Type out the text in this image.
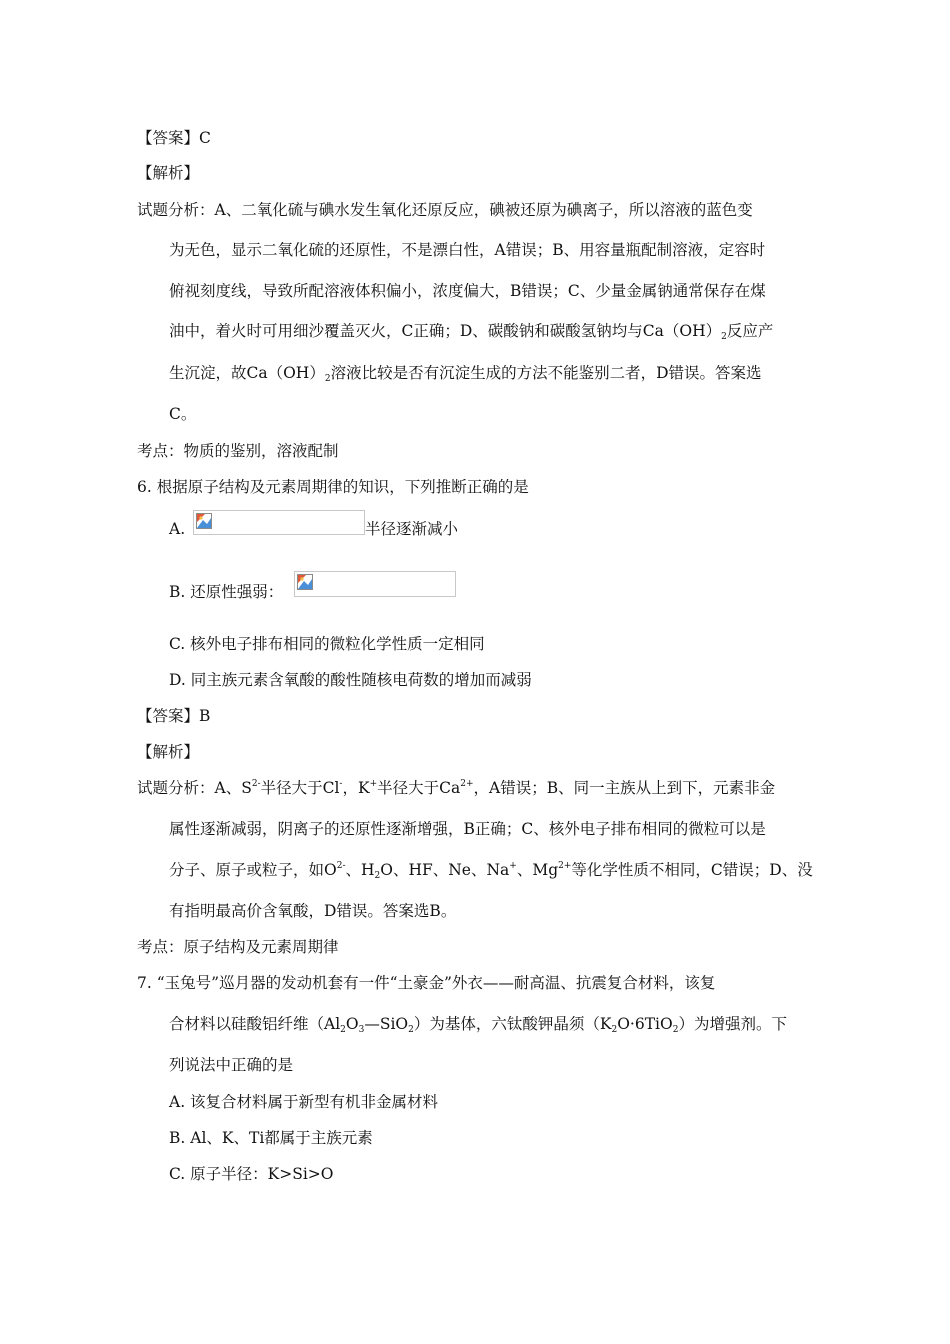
【答案】C
【解析】
试题分析：A、二氧化硫与碘水发生氧化还原反应，碘被还原为碘离子，所以溶液的蓝色变
为无色，显示二氧化硫的还原性，不是漂白性，A错误；B、用容量瓶配制溶液，定容时
俯视刻度线，导致所配溶液体积偏小，浓度偏大，B错误；C、少量金属钠通常保存在煤
油中，着火时可用细沙覆盖灭火，C正确；D、碳酸钠和碳酸氢钠均与$Ca(OH)_2$反应产
生沉淀，故$Ca(OH)_2$溶液比较是否有沉淀生成的方法不能鉴别二者，D错误。答案选
C。
考点：物质的鉴别，溶液配制
6. 根据原子结构及元素周期律的知识，下列推断正确的是
A.	半径逐渐减小
B. 还原性强弱：
C. 核外电子排布相同的微粒化学性质一定相同
D. 同主族元素含氧酸的酸性随核电荷数的增加而减弱
【答案】B
【解析】
试题分析：A、$S^{2-}$半径大于Cl-，K+半径大于$Ca^{2+}$，A错误；B、同一主族从上到下，元素非金
属性逐渐减弱，阴离子的还原性逐渐增强，B正确；C、核外电子排布相同的微粒可以是
分子、原子或粒子，如$O^{2-}$、$H_2O$、HF、Ne、Na+、$Mg^{2+}$等化学性质不相同，C错误；D、没
有指明最高价含氧酸，D错误。答案选B。
考点：原子结构及元素周期律
7. “玉兔号”巡月器的发动机套有一件“土豪金”外衣——耐高温、抗震复合材料，该复
合材料以硅酸铝纤维$(Al_2O_3—SiO_2)$为基体，六钛酸钾晶须$(K_2O\cdot 6TiO_2)$为增强剂。下
列说法中正确的是
A. 该复合材料属于新型有机非金属材料
B. Al、K、Ti都属于主族元素
C. 原子半径：K>Si>O
